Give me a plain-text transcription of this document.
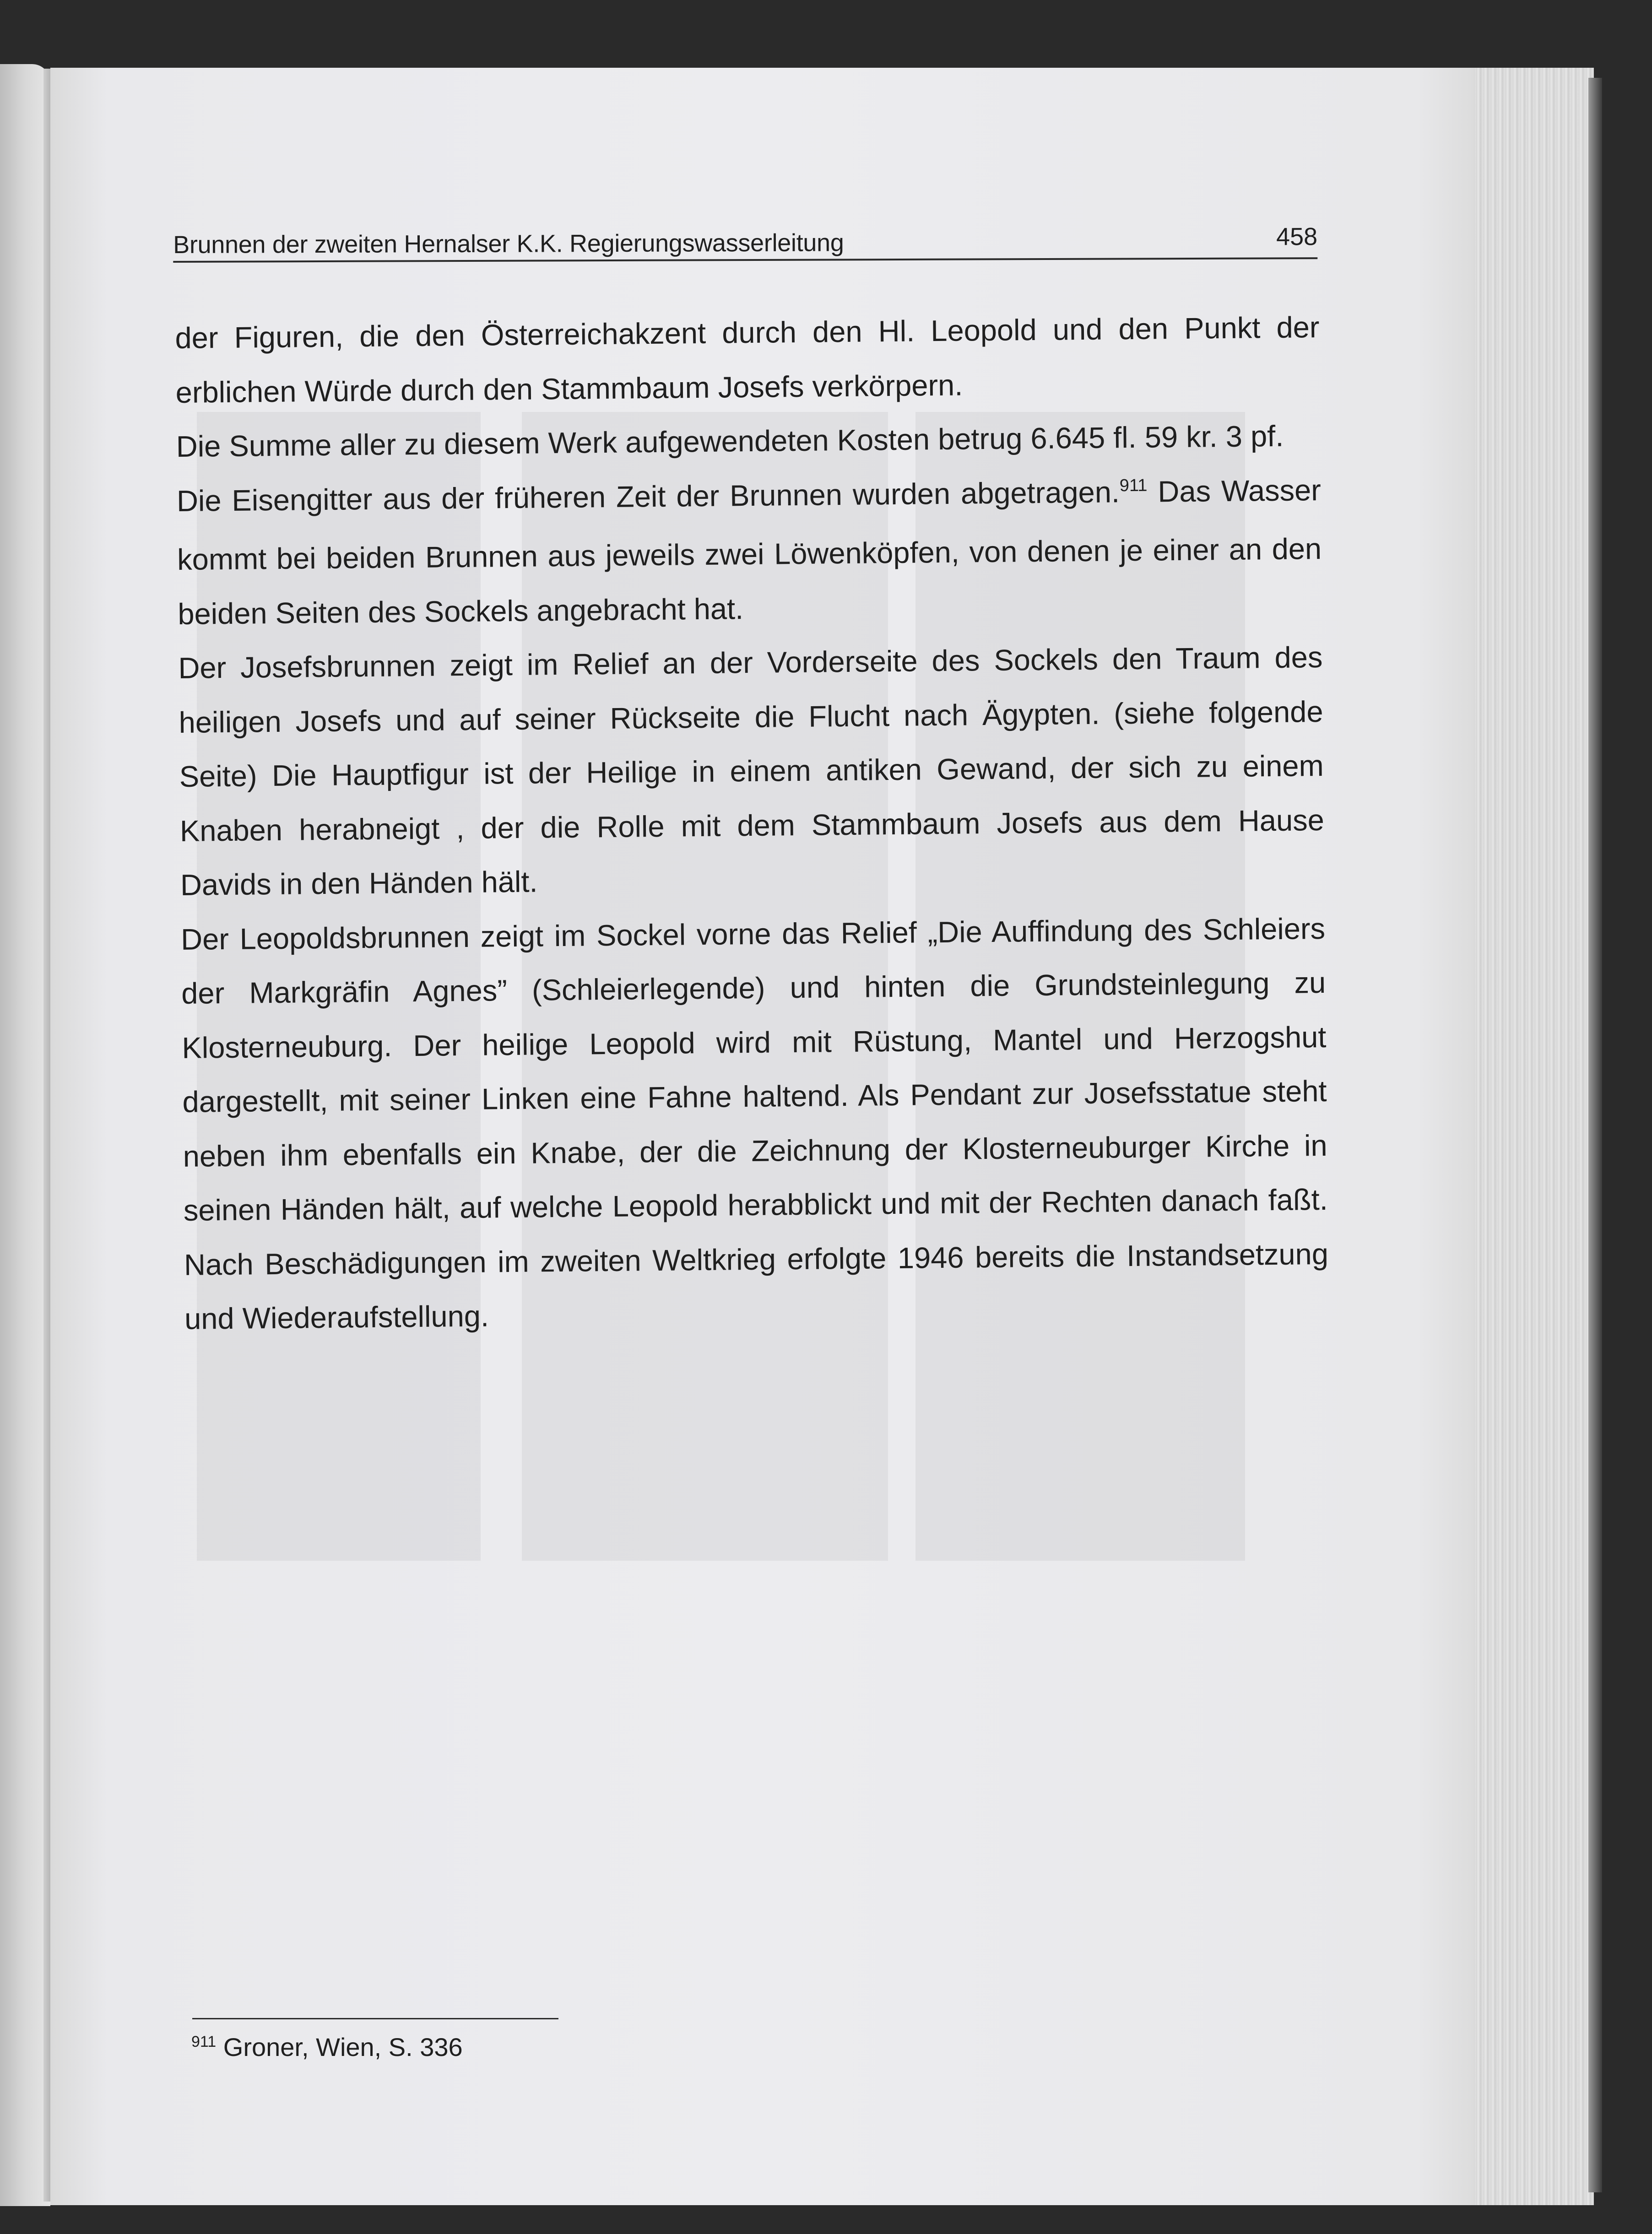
Brunnen der zweiten Hernalser K.K. Regierungswasserleitung	458

der Figuren, die den Österreichakzent durch den Hl. Leopold und den Punkt der erblichen Würde durch den Stammbaum Josefs verkörpern.

Die Summe aller zu diesem Werk aufgewendeten Kosten betrug 6.645 fl. 59 kr. 3 pf.

Die Eisengitter aus der früheren Zeit der Brunnen wurden abgetragen.$^{911}$ Das Wasser kommt bei beiden Brunnen aus jeweils zwei Löwenköpfen, von denen je einer an den beiden Seiten des Sockels angebracht hat.

Der Josefsbrunnen zeigt im Relief an der Vorderseite des Sockels den Traum des heiligen Josefs und auf seiner Rückseite die Flucht nach Ägypten. (siehe folgende Seite) Die Hauptfigur ist der Heilige in einem antiken Gewand, der sich zu einem Knaben herabneigt , der die Rolle mit dem Stammbaum Josefs aus dem Hause Davids in den Händen hält.

Der Leopoldsbrunnen zeigt im Sockel vorne das Relief „Die Auffindung des Schleiers der Markgräfin Agnes” (Schleierlegende) und hinten die Grundsteinlegung zu Klosterneuburg. Der heilige Leopold wird mit Rüstung, Mantel und Herzogshut dargestellt, mit seiner Linken eine Fahne haltend. Als Pendant zur Josefsstatue steht neben ihm ebenfalls ein Knabe, der die Zeichnung der Klosterneuburger Kirche in seinen Händen hält, auf welche Leopold herabblickt und mit der Rechten danach faßt. Nach Beschädigungen im zweiten Weltkrieg erfolgte 1946 bereits die Instandsetzung und Wiederaufstellung.

$^{911}$ Groner, Wien, S. 336
